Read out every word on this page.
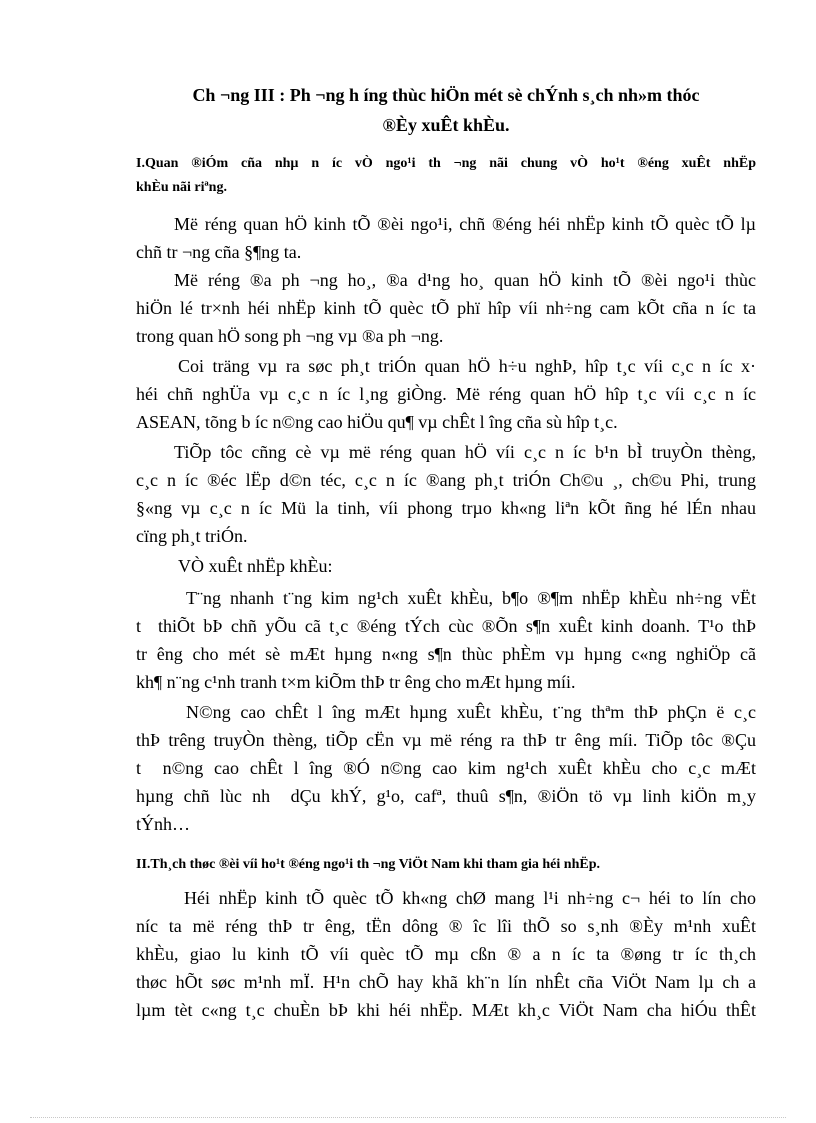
Ch ¬ng III : Ph ¬ng h íng thùc hiÖn mét sè chÝnh s¸ch nh»m thóc
®Èy xuÊt khÈu.
I.Quan ®iÓm cña nhµ n íc vÒ ngo¹i th ¬ng nãi chung vÒ ho¹t ®éng xuÊt nhËp
khÈu nãi riªng.
Më réng quan hÖ kinh tÕ ®èi ngo¹i, chñ ®éng héi nhËp kinh tÕ quèc tÕ lµ
chñ tr ¬ng cña §¶ng ta.
Më réng ®a ph ¬ng ho¸, ®a d¹ng ho¸ quan hÖ kinh tÕ ®èi ngo¹i thùc
hiÖn lé tr×nh héi nhËp kinh tÕ quèc tÕ phï hîp víi nh÷ng cam kÕt cña n íc ta
trong quan hÖ song ph ¬ng vµ ®a ph ¬ng.
Coi träng vµ ra søc ph¸t triÓn quan hÖ h÷u nghÞ, hîp t¸c víi c¸c n íc x·
héi chñ nghÜa vµ c¸c n íc l¸ng giÒng. Më réng quan hÖ hîp t¸c víi c¸c n íc
ASEAN, tõng b íc n©ng cao hiÖu qu¶ vµ chÊt l îng cña sù hîp t¸c.
TiÕp tôc cñng cè vµ më réng quan hÖ víi c¸c n íc b¹n bÌ truyÒn thèng,
c¸c n íc ®éc lËp d©n téc, c¸c n íc ®ang ph¸t triÓn Ch©u ¸, ch©u Phi, trung
§«ng vµ c¸c n íc Mü la tinh, víi phong trµo kh«ng liªn kÕt ñng hé lÉn nhau
cïng ph¸t triÓn.
VÒ xuÊt nhËp khÈu:
T¨ng nhanh t¨ng kim ng¹ch xuÊt khÈu, b¶o ®¶m nhËp khÈu nh÷ng vËt
t thiÕt bÞ chñ yÕu cã t¸c ®éng tÝch cùc ®Õn s¶n xuÊt kinh doanh. T¹o thÞ
tr êng cho mét sè mÆt hµng n«ng s¶n thùc phÈm vµ hµng c«ng nghiÖp cã
kh¶ n¨ng c¹nh tranh t×m kiÕm thÞ tr êng cho mÆt hµng míi.
N©ng cao chÊt l îng mÆt hµng xuÊt khÈu, t¨ng thªm thÞ phÇn ë c¸c
thÞ trêng truyÒn thèng, tiÕp cËn vµ më réng ra thÞ tr êng míi. TiÕp tôc ®Çu
t n©ng cao chÊt l îng ®Ó n©ng cao kim ng¹ch xuÊt khÈu cho c¸c mÆt
hµng chñ lùc nh dÇu khÝ, g¹o, cafª, thuû s¶n, ®iÖn tö vµ linh kiÖn m¸y
tÝnh…
II.Th¸ch thøc ®èi víi ho¹t ®éng ngo¹i th ¬ng ViÖt Nam khi tham gia héi nhËp.
Héi nhËp kinh tÕ quèc tÕ kh«ng chØ mang l¹i nh÷ng c¬ héi to lín cho
níc ta më réng thÞ tr êng, tËn dông ® îc lîi thÕ so s¸nh ®Èy m¹nh xuÊt
khÈu, giao lu kinh tÕ víi quèc tÕ mµ cßn ® a n íc ta ®øng tr íc th¸ch
thøc hÕt søc m¹nh mÏ. H¹n chÕ hay khã kh¨n lín nhÊt cña ViÖt Nam lµ ch a
lµm tèt c«ng t¸c chuÈn bÞ khi héi nhËp. MÆt kh¸c ViÖt Nam cha hiÓu thÊt
